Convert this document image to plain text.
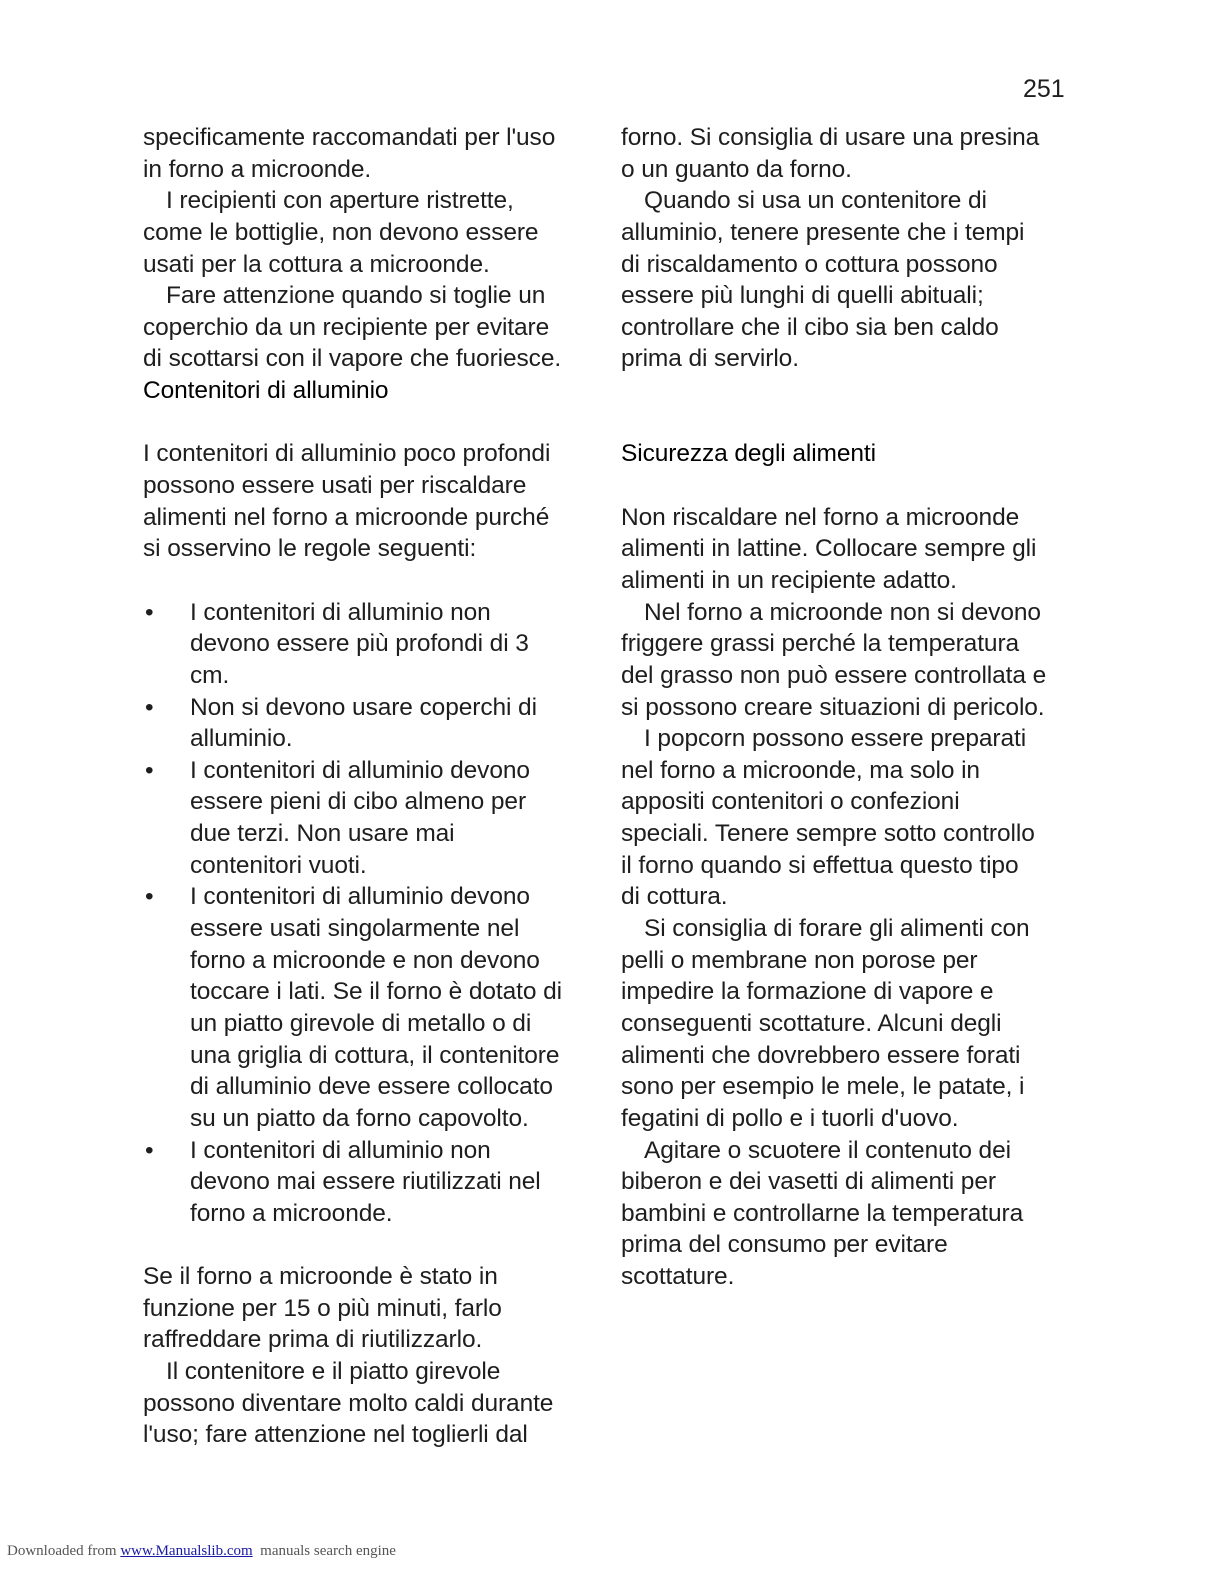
251
specificamente raccomandati per l'uso
in forno a microonde.
I recipienti con aperture ristrette,
come le bottiglie, non devono essere
usati per la cottura a microonde.
Fare attenzione quando si toglie un
coperchio da un recipiente per evitare
di scottarsi con il vapore che fuoriesce.
Contenitori di alluminio
I contenitori di alluminio poco profondi
possono essere usati per riscaldare
alimenti nel forno a microonde purché
si osservino le regole seguenti:
• I contenitori di alluminio non
devono essere più profondi di 3
cm.
• Non si devono usare coperchi di
alluminio.
• I contenitori di alluminio devono
essere pieni di cibo almeno per
due terzi. Non usare mai
contenitori vuoti.
• I contenitori di alluminio devono
essere usati singolarmente nel
forno a microonde e non devono
toccare i lati. Se il forno è dotato di
un piatto girevole di metallo o di
una griglia di cottura, il contenitore
di alluminio deve essere collocato
su un piatto da forno capovolto.
• I contenitori di alluminio non
devono mai essere riutilizzati nel
forno a microonde.
Se il forno a microonde è stato in
funzione per 15 o più minuti, farlo
raffreddare prima di riutilizzarlo.
Il contenitore e il piatto girevole
possono diventare molto caldi durante
l'uso; fare attenzione nel toglierli dal
forno. Si consiglia di usare una presina
o un guanto da forno.
Quando si usa un contenitore di
alluminio, tenere presente che i tempi
di riscaldamento o cottura possono
essere più lunghi di quelli abituali;
controllare che il cibo sia ben caldo
prima di servirlo.
Sicurezza degli alimenti
Non riscaldare nel forno a microonde
alimenti in lattine. Collocare sempre gli
alimenti in un recipiente adatto.
Nel forno a microonde non si devono
friggere grassi perché la temperatura
del grasso non può essere controllata e
si possono creare situazioni di pericolo.
I popcorn possono essere preparati
nel forno a microonde, ma solo in
appositi contenitori o confezioni
speciali. Tenere sempre sotto controllo
il forno quando si effettua questo tipo
di cottura.
Si consiglia di forare gli alimenti con
pelli o membrane non porose per
impedire la formazione di vapore e
conseguenti scottature. Alcuni degli
alimenti che dovrebbero essere forati
sono per esempio le mele, le patate, i
fegatini di pollo e i tuorli d'uovo.
Agitare o scuotere il contenuto dei
biberon e dei vasetti di alimenti per
bambini e controllarne la temperatura
prima del consumo per evitare
scottature.
Downloaded from www.Manualslib.com  manuals search engine
